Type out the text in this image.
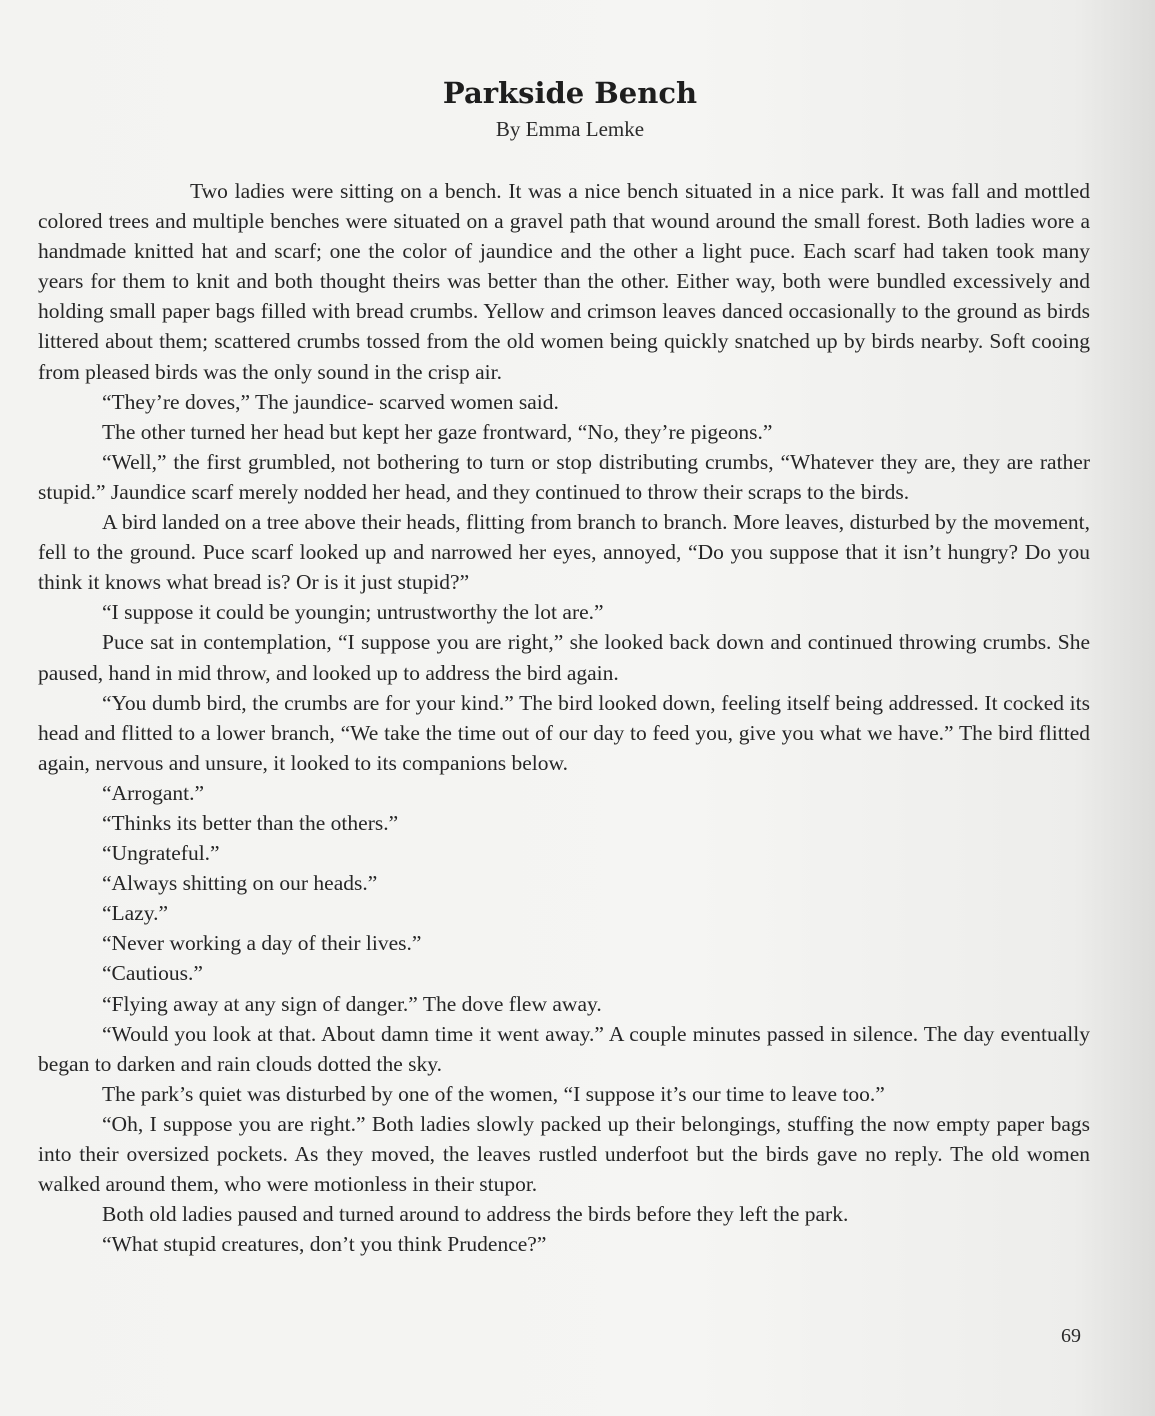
Parkside Bench
By Emma Lemke

Two ladies were sitting on a bench. It was a nice bench situated in a nice park. It was fall and mottled colored trees and multiple benches were situated on a gravel path that wound around the small forest. Both ladies wore a handmade knitted hat and scarf; one the color of jaundice and the other a light puce. Each scarf had taken took many years for them to knit and both thought theirs was better than the other. Either way, both were bundled excessively and holding small paper bags filled with bread crumbs. Yellow and crimson leaves danced occasionally to the ground as birds littered about them; scattered crumbs tossed from the old women being quickly snatched up by birds nearby. Soft cooing from pleased birds was the only sound in the crisp air.

“They’re doves,” The jaundice- scarved women said.

The other turned her head but kept her gaze frontward, “No, they’re pigeons.”

“Well,” the first grumbled, not bothering to turn or stop distributing crumbs, “Whatever they are, they are rather stupid.” Jaundice scarf merely nodded her head, and they continued to throw their scraps to the birds.

A bird landed on a tree above their heads, flitting from branch to branch. More leaves, disturbed by the movement, fell to the ground. Puce scarf looked up and narrowed her eyes, annoyed, “Do you suppose that it isn’t hungry? Do you think it knows what bread is? Or is it just stupid?”

“I suppose it could be youngin; untrustworthy the lot are.”

Puce sat in contemplation, “I suppose you are right,” she looked back down and continued throwing crumbs. She paused, hand in mid throw, and looked up to address the bird again.

“You dumb bird, the crumbs are for your kind.” The bird looked down, feeling itself being addressed. It cocked its head and flitted to a lower branch, “We take the time out of our day to feed you, give you what we have.” The bird flitted again, nervous and unsure, it looked to its companions below.

“Arrogant.”

“Thinks its better than the others.”

“Ungrateful.”

“Always shitting on our heads.”

“Lazy.”

“Never working a day of their lives.”

“Cautious.”

“Flying away at any sign of danger.” The dove flew away.

“Would you look at that. About damn time it went away.” A couple minutes passed in silence. The day eventually began to darken and rain clouds dotted the sky.

The park’s quiet was disturbed by one of the women, “I suppose it’s our time to leave too.”

“Oh, I suppose you are right.” Both ladies slowly packed up their belongings, stuffing the now empty paper bags into their oversized pockets. As they moved, the leaves rustled underfoot but the birds gave no reply. The old women walked around them, who were motionless in their stupor.

Both old ladies paused and turned around to address the birds before they left the park.

“What stupid creatures, don’t you think Prudence?”

69
